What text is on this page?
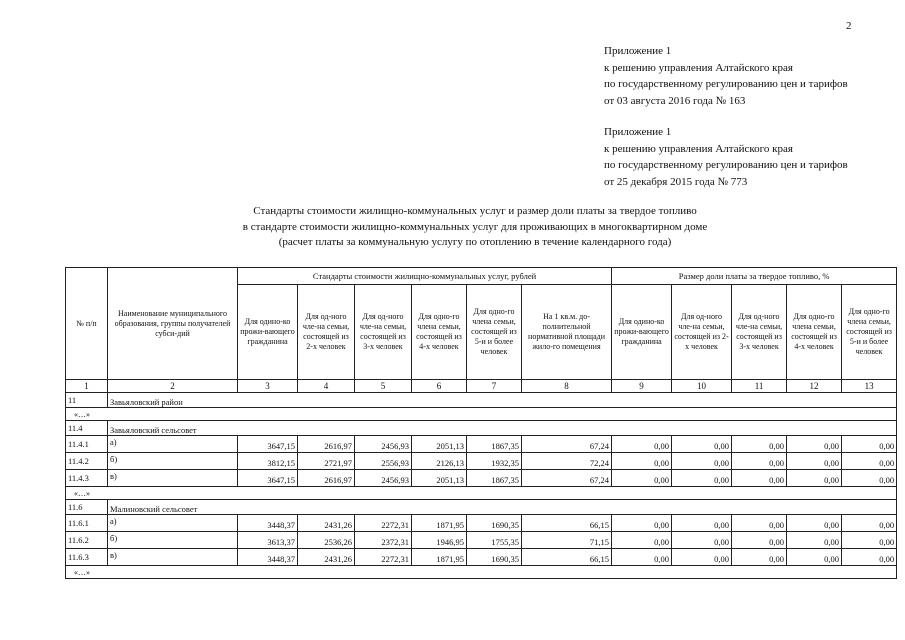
2
Приложение 1
к решению управления Алтайского края
по государственному регулированию цен и тарифов
от 03 августа 2016 года № 163
Приложение 1
к решению управления Алтайского края
по государственному регулированию цен и тарифов
от 25 декабря 2015 года № 773
Стандарты стоимости жилищно-коммунальных услуг и размер доли платы за твердое топливо
в стандарте стоимости жилищно-коммунальных услуг для проживающих в многоквартирном доме
(расчет платы за коммунальную услугу по отоплению в течение календарного года)
№ п/п	Наименование муниципального образования, группы получателей субси-дий	Стандарты стоимости жилищно-коммунальных услуг, рублей						Размер доли платы за твердое топливо, %				
		Для одино-ко прожи-вающего гражданина	Для од-ного чле-на семьи, состоящей из 2-х человек	Для од-ного чле-на семьи, состоящей из 3-х человек	Для одно-го члена семьи, состоящей из 4-х человек	Для одно-го члена семьи, состоящей из 5-и и более человек	На 1 кв.м. до-полнительной нормативной площади жило-го помещения	Для одино-ко прожи-вающего гражданина	Для од-ного чле-на семьи, состоящей из 2-х человек	Для од-ного чле-на семьи, состоящей из 3-х человек	Для одно-го члена семьи, состоящей из 4-х человек	Для одно-го члена семьи, состоящей из 5-и и более человек
1	2	3	4	5	6	7	8	9	10	11	12	13
11	Завьяловский район											
«…»												
11.4	Завьяловский сельсовет											
11.4.1	а)	3647,15	2616,97	2456,93	2051,13	1867,35	67,24	0,00	0,00	0,00	0,00	0,00
11.4.2	б)	3812,15	2721,97	2556,93	2126,13	1932,35	72,24	0,00	0,00	0,00	0,00	0,00
11.4.3	в)	3647,15	2616,97	2456,93	2051,13	1867,35	67,24	0,00	0,00	0,00	0,00	0,00
«…»												
11.6	Малиновский сельсовет											
11.6.1	а)	3448,37	2431,26	2272,31	1871,95	1690,35	66,15	0,00	0,00	0,00	0,00	0,00
11.6.2	б)	3613,37	2536,26	2372,31	1946,95	1755,35	71,15	0,00	0,00	0,00	0,00	0,00
11.6.3	в)	3448,37	2431,26	2272,31	1871,95	1690,35	66,15	0,00	0,00	0,00	0,00	0,00
«…»												
